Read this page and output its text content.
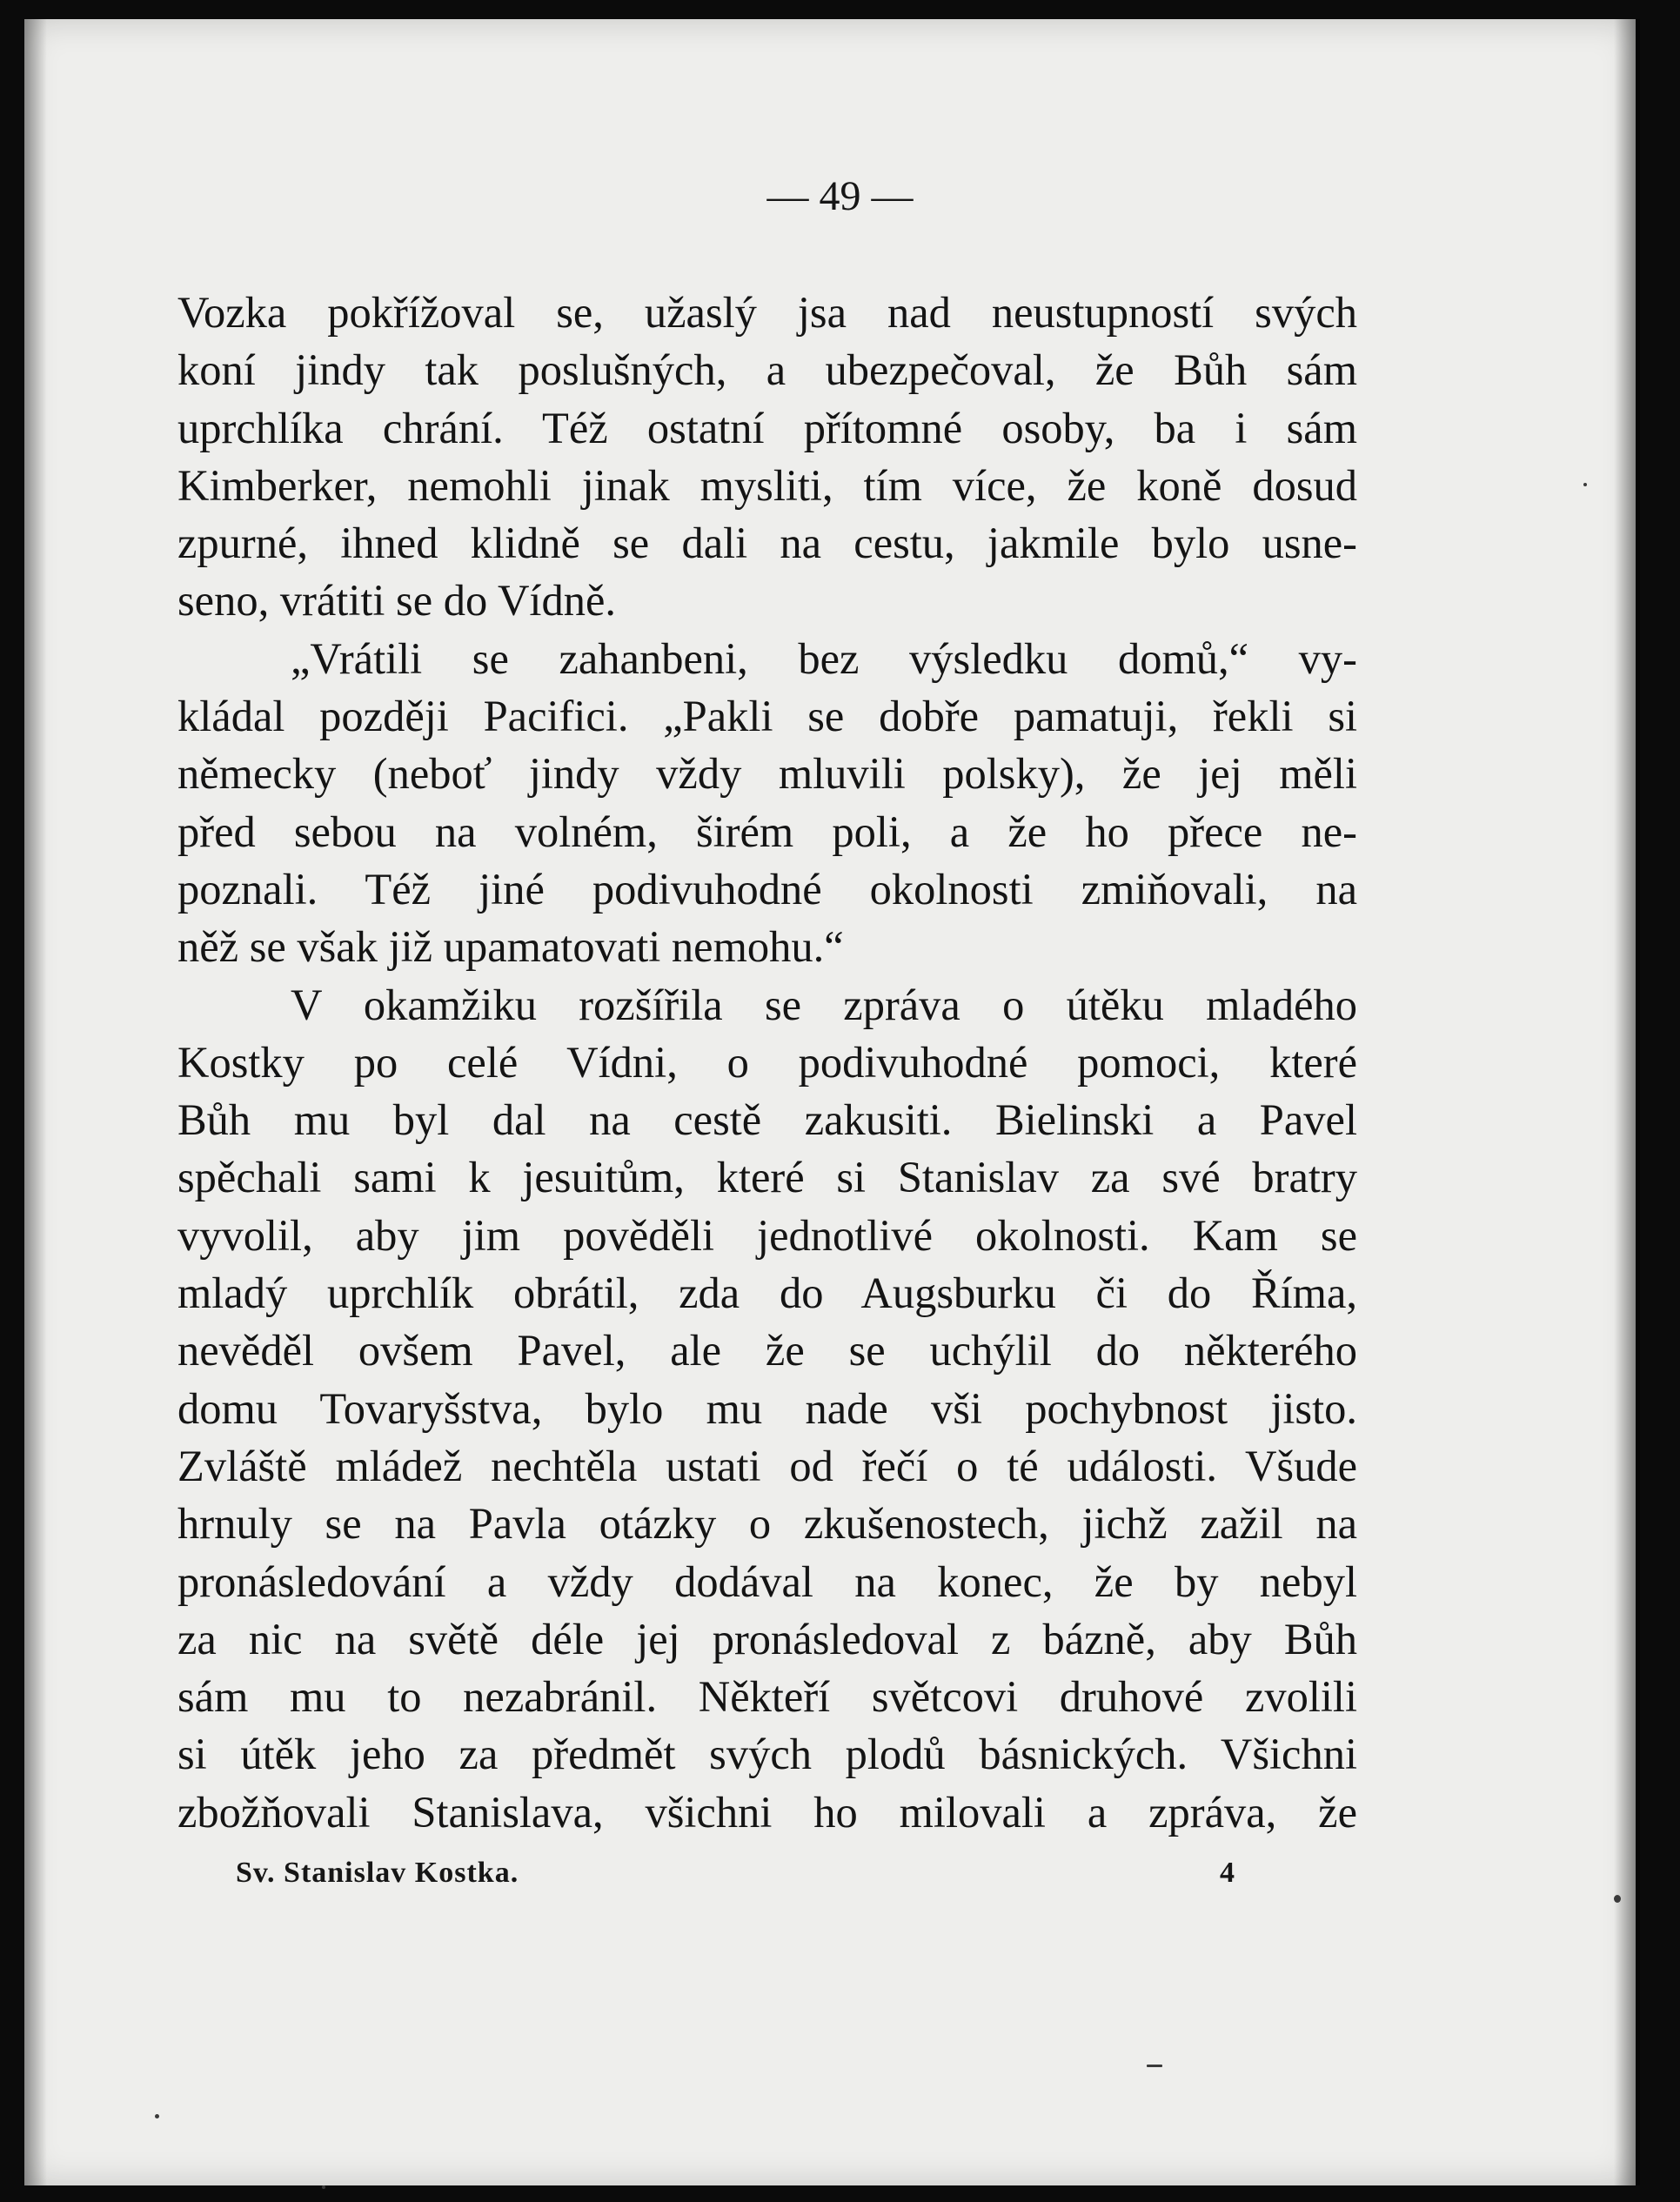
— 49 —
Vozka pokřížoval se, užaslý jsa nad neustupností svých
koní jindy tak poslušných, a ubezpečoval, že Bůh sám
uprchlíka chrání. Též ostatní přítomné osoby, ba i sám
Kimberker, nemohli jinak mysliti, tím více, že koně dosud
zpurné, ihned klidně se dali na cestu, jakmile bylo usne-
seno, vrátiti se do Vídně.
„Vrátili se zahanbeni, bez výsledku domů,“ vy-
kládal později Pacifici. „Pakli se dobře pamatuji, řekli si
německy (neboť jindy vždy mluvili polsky), že jej měli
před sebou na volném, širém poli, a že ho přece ne-
poznali. Též jiné podivuhodné okolnosti zmiňovali, na
něž se však již upamatovati nemohu.“
V okamžiku rozšířila se zpráva o útěku mladého
Kostky po celé Vídni, o podivuhodné pomoci, které
Bůh mu byl dal na cestě zakusiti. Bielinski a Pavel
spěchali sami k jesuitům, které si Stanislav za své bratry
vyvolil, aby jim pověděli jednotlivé okolnosti. Kam se
mladý uprchlík obrátil, zda do Augsburku či do Říma,
nevěděl ovšem Pavel, ale že se uchýlil do některého
domu Tovaryšstva, bylo mu nade vši pochybnost jisto.
Zvláště mládež nechtěla ustati od řečí o té události. Všude
hrnuly se na Pavla otázky o zkušenostech, jichž zažil na
pronásledování a vždy dodával na konec, že by nebyl
za nic na světě déle jej pronásledoval z bázně, aby Bůh
sám mu to nezabránil. Někteří světcovi druhové zvolili
si útěk jeho za předmět svých plodů básnických. Všichni
zbožňovali Stanislava, všichni ho milovali a zpráva, že
Sv. Stanislav Kostka.	4
